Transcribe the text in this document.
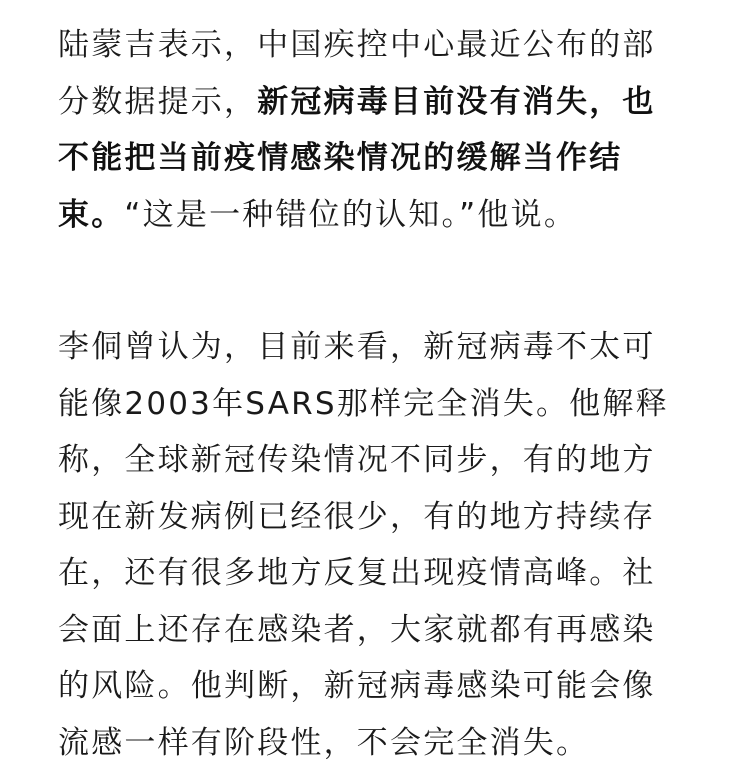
陆蒙吉表示，中国疾控中心最近公布的部
分数据提示，新冠病毒目前没有消失，也
不能把当前疫情感染情况的缓解当作结
束。“这是一种错位的认知。”他说。

李侗曾认为，目前来看，新冠病毒不太可
能像2003年SARS那样完全消失。他解释
称，全球新冠传染情况不同步，有的地方
现在新发病例已经很少，有的地方持续存
在，还有很多地方反复出现疫情高峰。社
会面上还存在感染者，大家就都有再感染
的风险。他判断，新冠病毒感染可能会像
流感一样有阶段性，不会完全消失。
